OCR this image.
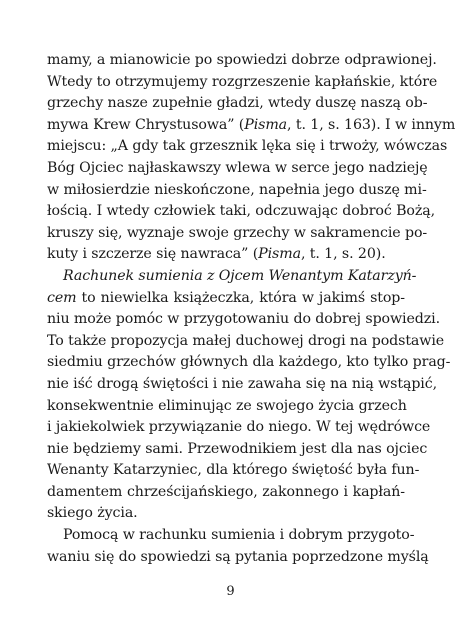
mamy, a mianowicie po spowiedzi dobrze odprawionej.
Wtedy to otrzymujemy rozgrzeszenie kapłańskie, które
grzechy nasze zupełnie gładzi, wtedy duszę naszą ob-
mywa Krew Chrystusowa” (Pisma, t. 1, s. 163). I w innym
miejscu: „A gdy tak grzesznik lęka się i trwoży, wówczas
Bóg Ojciec najłaskawszy wlewa w serce jego nadzieję
w miłosierdzie nieskończone, napełnia jego duszę mi-
łością. I wtedy człowiek taki, odczuwając dobroć Bożą,
kruszy się, wyznaje swoje grzechy w sakramencie po-
kuty i szczerze się nawraca” (Pisma, t. 1, s. 20).
Rachunek sumienia z Ojcem Wenantym Katarzyń-
cem to niewielka książeczka, która w jakimś stop-
niu może pomóc w przygotowaniu do dobrej spowiedzi.
To także propozycja małej duchowej drogi na podstawie
siedmiu grzechów głównych dla każdego, kto tylko prag-
nie iść drogą świętości i nie zawaha się na nią wstąpić,
konsekwentnie eliminując ze swojego życia grzech
i jakiekolwiek przywiązanie do niego. W tej wędrówce
nie będziemy sami. Przewodnikiem jest dla nas ojciec
Wenanty Katarzyniec, dla którego świętość była fun-
damentem chrześcijańskiego, zakonnego i kapłań-
skiego życia.
Pomocą w rachunku sumienia i dobrym przygoto-
waniu się do spowiedzi są pytania poprzedzone myślą
9
